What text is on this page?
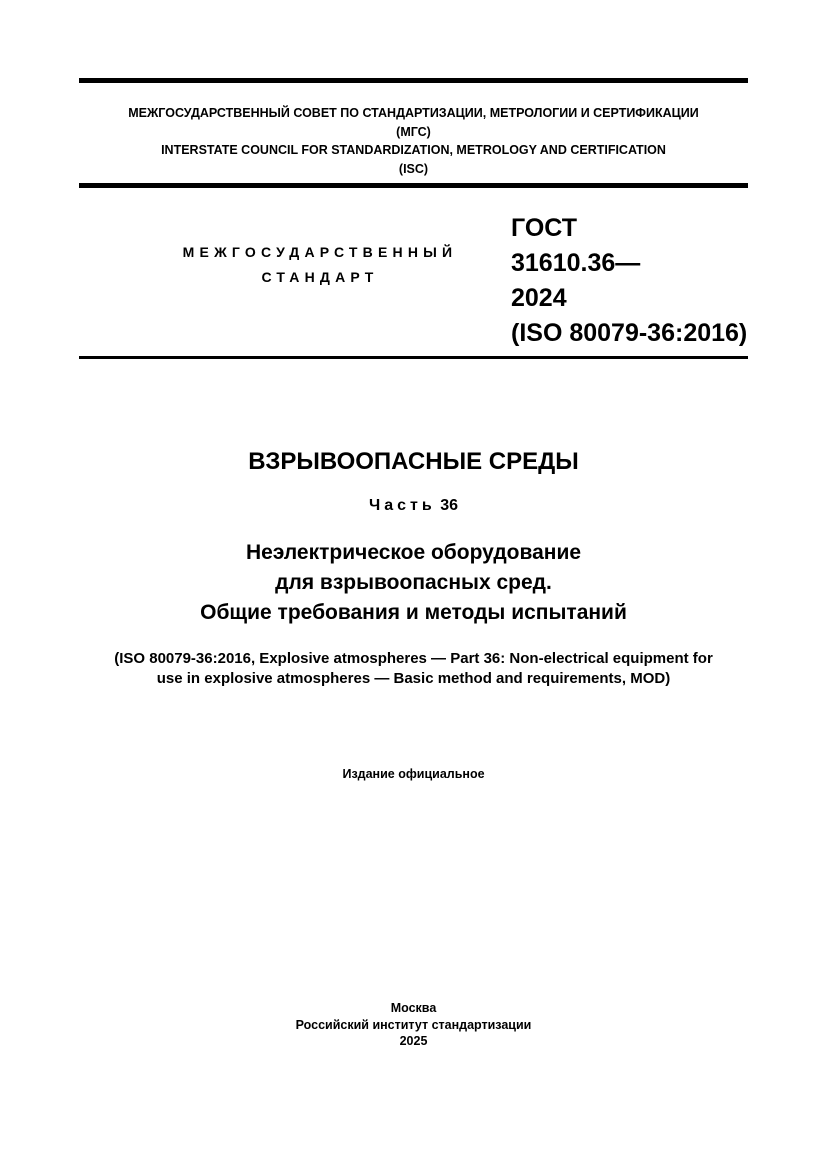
МЕЖГОСУДАРСТВЕННЫЙ СОВЕТ ПО СТАНДАРТИЗАЦИИ, МЕТРОЛОГИИ И СЕРТИФИКАЦИИ
(МГС)
INTERSTATE COUNCIL FOR STANDARDIZATION, METROLOGY AND CERTIFICATION
(ISC)
МЕЖГОСУДАРСТВЕННЫЙ
СТАНДАРТ
ГОСТ
31610.36—
2024
(ISO 80079-36:2016)
ВЗРЫВООПАСНЫЕ СРЕДЫ
Часть 36
Неэлектрическое оборудование
для взрывоопасных сред.
Общие требования и методы испытаний
(ISO 80079-36:2016, Explosive atmospheres — Part 36: Non-electrical equipment for
use in explosive atmospheres — Basic method and requirements, MOD)
Издание официальное
Москва
Российский институт стандартизации
2025
